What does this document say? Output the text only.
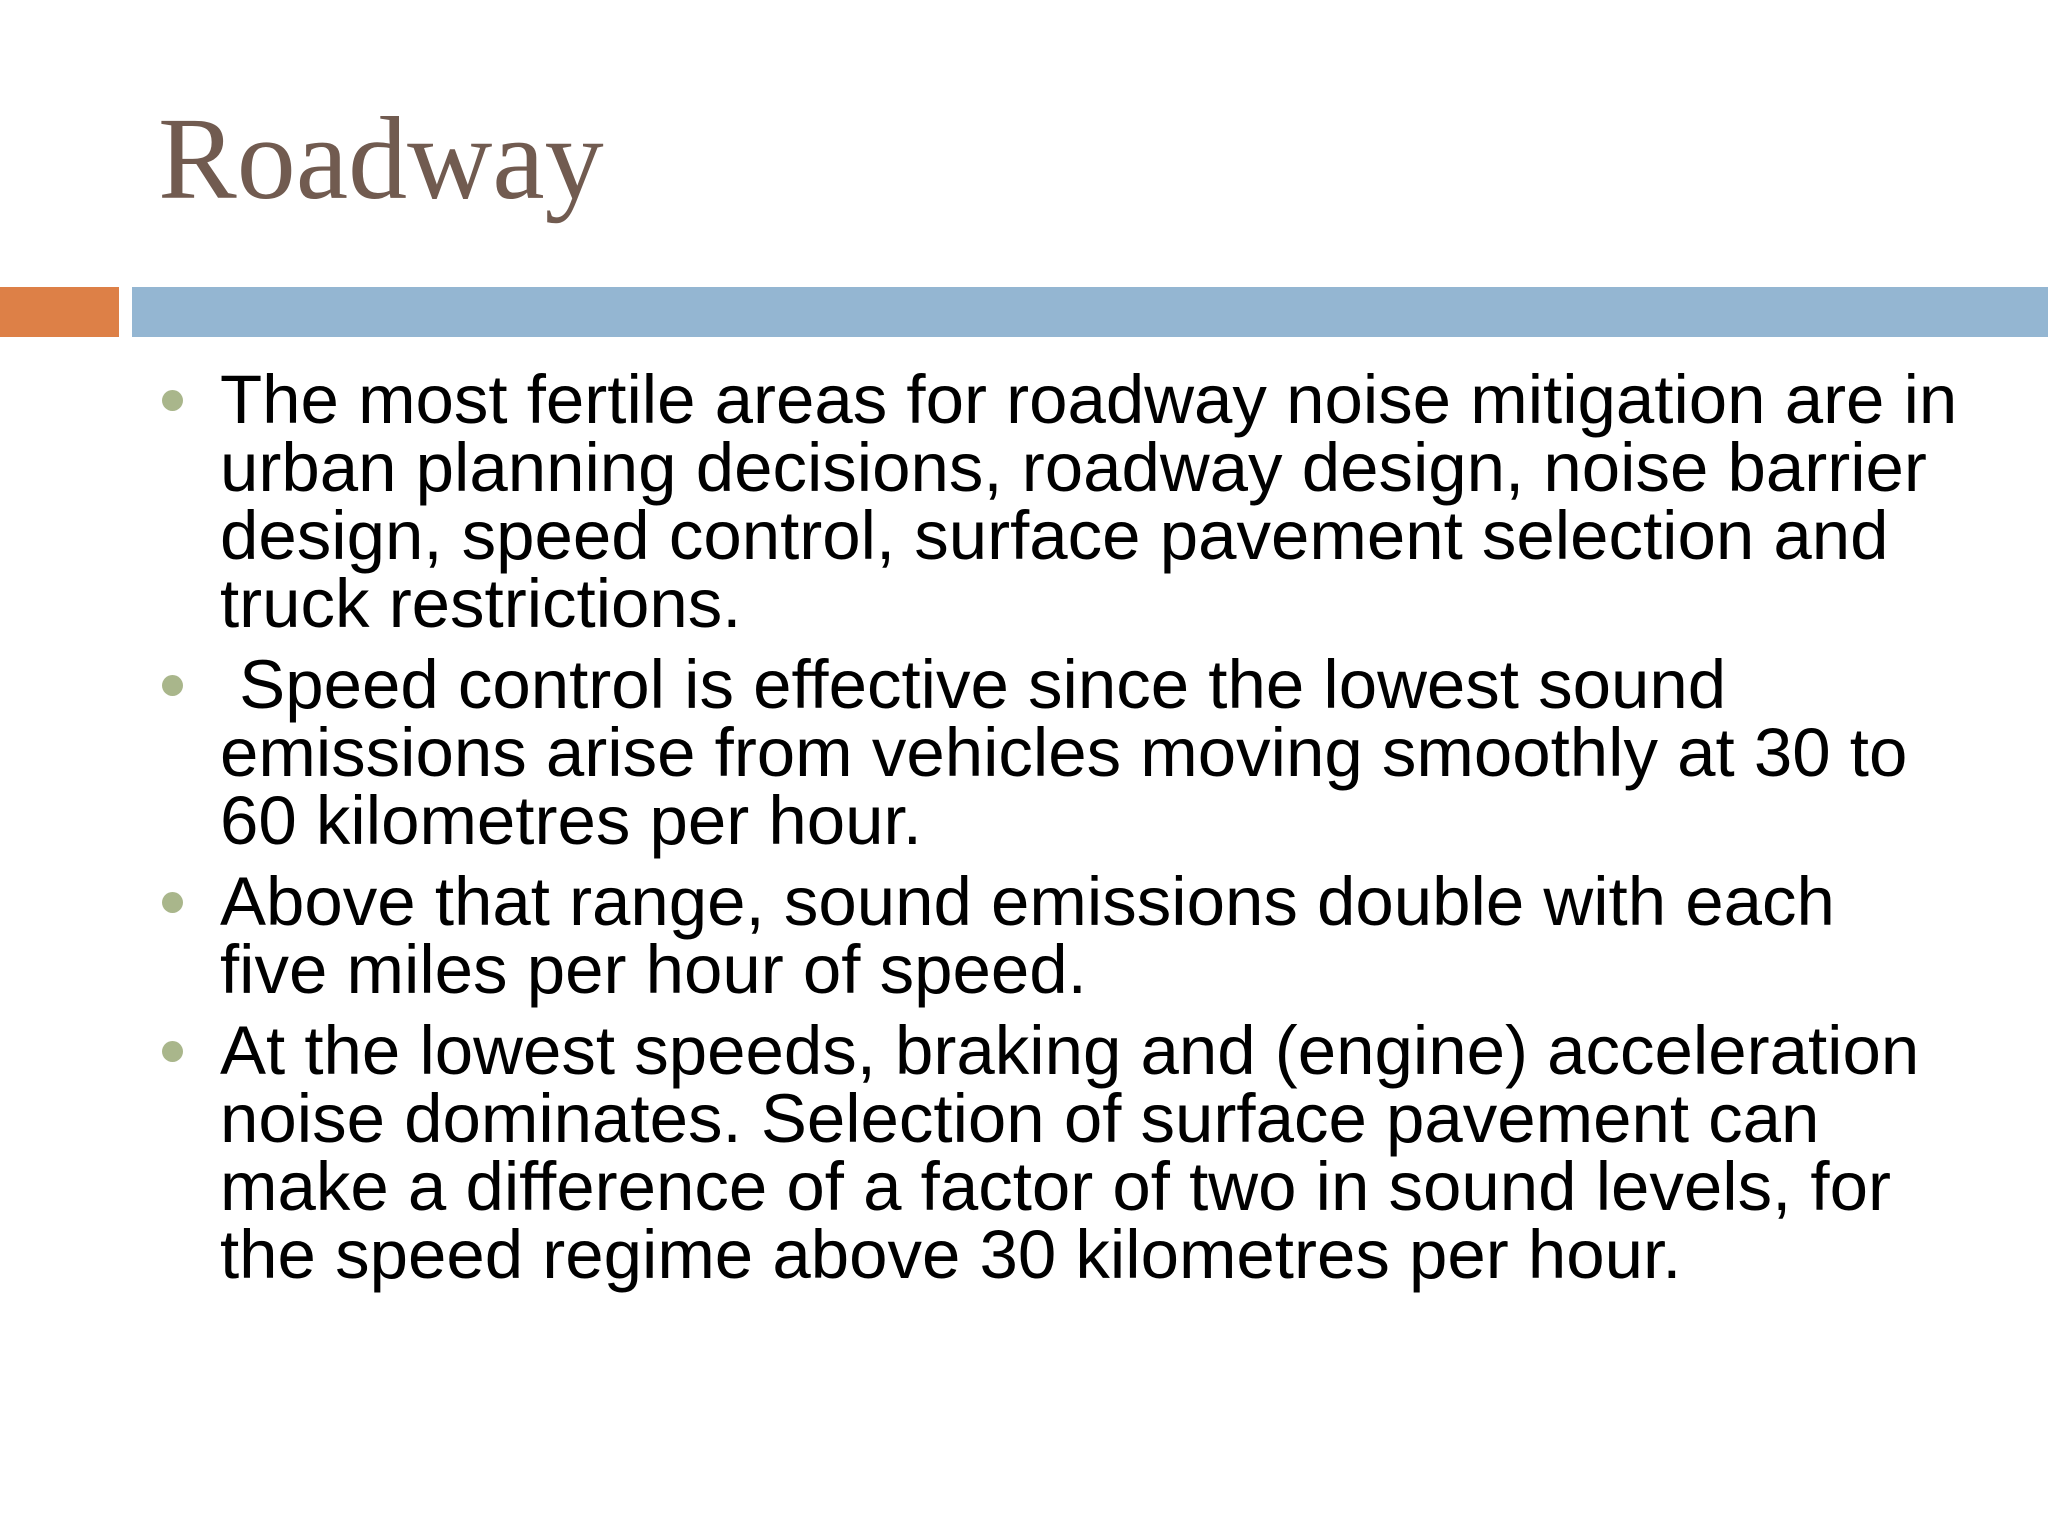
Roadway
The most fertile areas for roadway noise mitigation are in urban planning decisions, roadway design, noise barrier design, speed control, surface pavement selection and truck restrictions.
Speed control is effective since the lowest sound emissions arise from vehicles moving smoothly at 30 to 60 kilometres per hour.
Above that range, sound emissions double with each five miles per hour of speed.
At the lowest speeds, braking and (engine) acceleration noise dominates. Selection of surface pavement can make a difference of a factor of two in sound levels, for the speed regime above 30 kilometres per hour.
